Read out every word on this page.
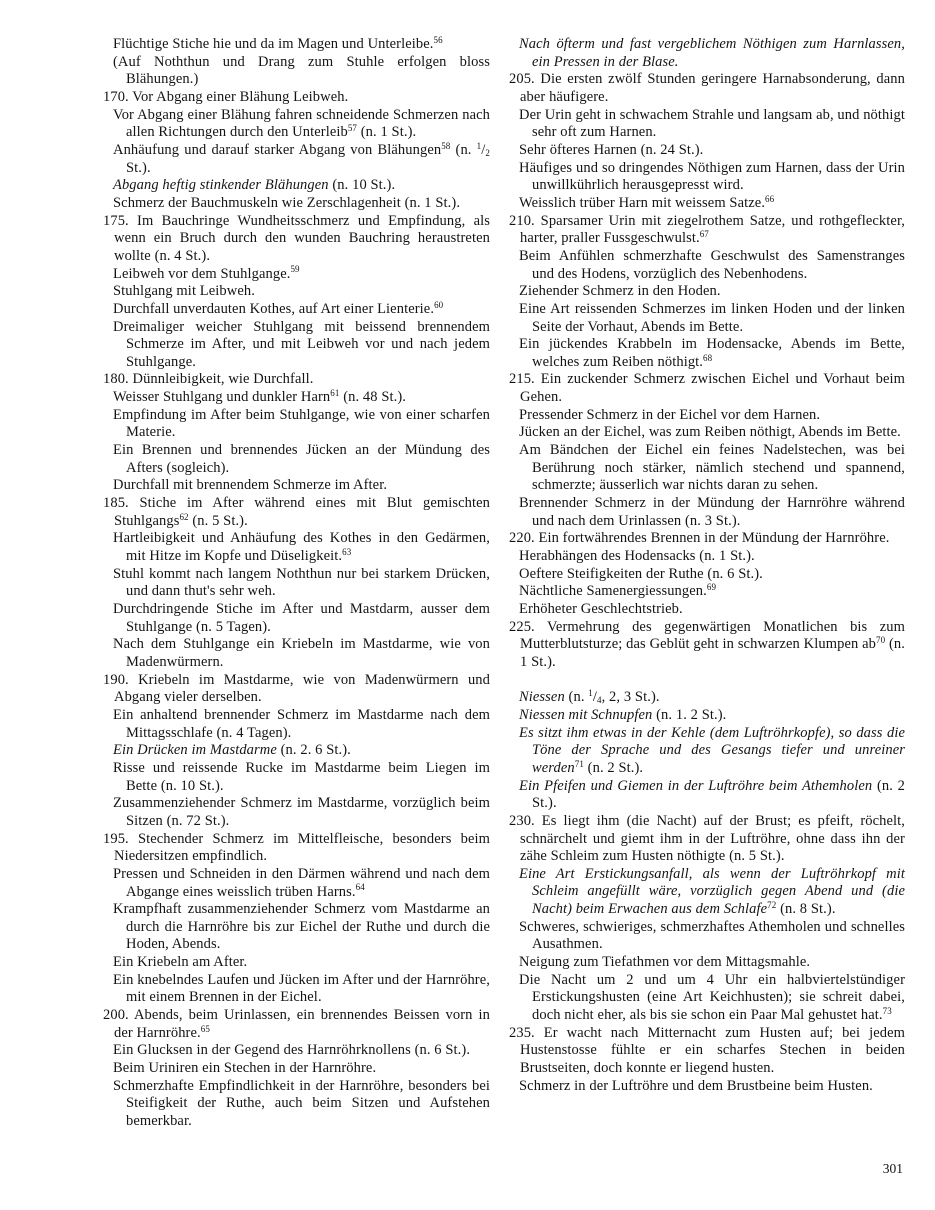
Flüchtige Stiche hie und da im Magen und Unterleibe.$^{56}$

(Auf Noththun und Drang zum Stuhle erfolgen bloss Blähungen.)

170. Vor Abgang einer Blähung Leibweh.

Vor Abgang einer Blähung fahren schneidende Schmerzen nach allen Richtungen durch den Unterleib$^{57}$ (n. 1 St.).

Anhäufung und darauf starker Abgang von Blähungen$^{58}$ (n. $^1/_2$ St.).

Abgang heftig stinkender Blähungen (n. 10 St.).

Schmerz der Bauchmuskeln wie Zerschlagenheit (n. 1 St.).

175. Im Bauchringe Wundheitsschmerz und Empfindung, als wenn ein Bruch durch den wunden Bauchring heraustreten wollte (n. 4 St.).

Leibweh vor dem Stuhlgange.$^{59}$

Stuhlgang mit Leibweh.

Durchfall unverdauten Kothes, auf Art einer Lienterie.$^{60}$

Dreimaliger weicher Stuhlgang mit beissend brennendem Schmerze im After, und mit Leibweh vor und nach jedem Stuhlgange.

180. Dünnleibigkeit, wie Durchfall.

Weisser Stuhlgang und dunkler Harn$^{61}$ (n. 48 St.).

Empfindung im After beim Stuhlgange, wie von einer scharfen Materie.

Ein Brennen und brennendes Jücken an der Mündung des Afters (sogleich).

Durchfall mit brennendem Schmerze im After.

185. Stiche im After während eines mit Blut gemischten Stuhlgangs$^{62}$ (n. 5 St.).

Hartleibigkeit und Anhäufung des Kothes in den Gedärmen, mit Hitze im Kopfe und Düseligkeit.$^{63}$

Stuhl kommt nach langem Noththun nur bei starkem Drücken, und dann thut's sehr weh.

Durchdringende Stiche im After und Mastdarm, ausser dem Stuhlgange (n. 5 Tagen).

Nach dem Stuhlgange ein Kriebeln im Mastdarme, wie von Madenwürmern.

190. Kriebeln im Mastdarme, wie von Madenwürmern und Abgang vieler derselben.

Ein anhaltend brennender Schmerz im Mastdarme nach dem Mittagsschlafe (n. 4 Tagen).

Ein Drücken im Mastdarme (n. 2. 6 St.).

Risse und reissende Rucke im Mastdarme beim Liegen im Bette (n. 10 St.).

Zusammenziehender Schmerz im Mastdarme, vorzüglich beim Sitzen (n. 72 St.).

195. Stechender Schmerz im Mittelfleische, besonders beim Niedersitzen empfindlich.

Pressen und Schneiden in den Därmen während und nach dem Abgange eines weisslich trüben Harns.$^{64}$

Krampfhaft zusammenziehender Schmerz vom Mastdarme an durch die Harnröhre bis zur Eichel der Ruthe und durch die Hoden, Abends.

Ein Kriebeln am After.

Ein knebelndes Laufen und Jücken im After und der Harnröhre, mit einem Brennen in der Eichel.

200. Abends, beim Urinlassen, ein brennendes Beissen vorn in der Harnröhre.$^{65}$

Ein Glucksen in der Gegend des Harnröhrknollens (n. 6 St.).

Beim Uriniren ein Stechen in der Harnröhre.

Schmerzhafte Empfindlichkeit in der Harnröhre, besonders bei Steifigkeit der Ruthe, auch beim Sitzen und Aufstehen bemerkbar.

Nach öfterm und fast vergeblichem Nöthigen zum Harnlassen, ein Pressen in der Blase.

205. Die ersten zwölf Stunden geringere Harnabsonderung, dann aber häufigere.

Der Urin geht in schwachem Strahle und langsam ab, und nöthigt sehr oft zum Harnen.

Sehr öfteres Harnen (n. 24 St.).

Häufiges und so dringendes Nöthigen zum Harnen, dass der Urin unwillkührlich herausgepresst wird.

Weisslich trüber Harn mit weissem Satze.$^{66}$

210. Sparsamer Urin mit ziegelrothem Satze, und rothgefleckter, harter, praller Fussgeschwulst.$^{67}$

Beim Anfühlen schmerzhafte Geschwulst des Samenstranges und des Hodens, vorzüglich des Nebenhodens.

Ziehender Schmerz in den Hoden.

Eine Art reissenden Schmerzes im linken Hoden und der linken Seite der Vorhaut, Abends im Bette.

Ein jückendes Krabbeln im Hodensacke, Abends im Bette, welches zum Reiben nöthigt.$^{68}$

215. Ein zuckender Schmerz zwischen Eichel und Vorhaut beim Gehen.

Pressender Schmerz in der Eichel vor dem Harnen.

Jücken an der Eichel, was zum Reiben nöthigt, Abends im Bette.

Am Bändchen der Eichel ein feines Nadelstechen, was bei Berührung noch stärker, nämlich stechend und spannend, schmerzte; äusserlich war nichts daran zu sehen.

Brennender Schmerz in der Mündung der Harnröhre während und nach dem Urinlassen (n. 3 St.).

220. Ein fortwährendes Brennen in der Mündung der Harnröhre.

Herabhängen des Hodensacks (n. 1 St.).

Oeftere Steifigkeiten der Ruthe (n. 6 St.).

Nächtliche Samenergiessungen.$^{69}$

Erhöheter Geschlechtstrieb.

225. Vermehrung des gegenwärtigen Monatlichen bis zum Mutterblutsturze; das Geblüt geht in schwarzen Klumpen $ab^{70}$ (n. 1 St.).

Niessen (n. $^1/_4$, 2, 3 St.).

Niessen mit Schnupfen (n. 1. 2 St.).

Es sitzt ihm etwas in der Kehle (dem Luftröhrkopfe), so dass die Töne der Sprache und des Gesangs tiefer und unreiner werden$^{71}$ (n. 2 St.).

Ein Pfeifen und Giemen in der Luftröhre beim Athemholen (n. 2 St.).

230. Es liegt ihm (die Nacht) auf der Brust; es pfeift, röchelt, schnärchelt und giemt ihm in der Luftröhre, ohne dass ihn der zähe Schleim zum Husten nöthigte (n. 5 St.).

Eine Art Erstickungsanfall, als wenn der Luftröhrkopf mit Schleim angefüllt wäre, vorzüglich gegen Abend und (die Nacht) beim Erwachen aus dem Schlafe$^{72}$ (n. 8 St.).

Schweres, schwieriges, schmerzhaftes Athemholen und schnelles Ausathmen.

Neigung zum Tiefathmen vor dem Mittagsmahle.

Die Nacht um 2 und um 4 Uhr ein halbviertelstündiger Erstickungshusten (eine Art Keichhusten); sie schreit dabei, doch nicht eher, als bis sie schon ein Paar Mal gehustet hat.$^{73}$

235. Er wacht nach Mitternacht zum Husten auf; bei jedem Hustenstosse fühlte er ein scharfes Stechen in beiden Brustseiten, doch konnte er liegend husten.

Schmerz in der Luftröhre und dem Brustbeine beim Husten.

301
